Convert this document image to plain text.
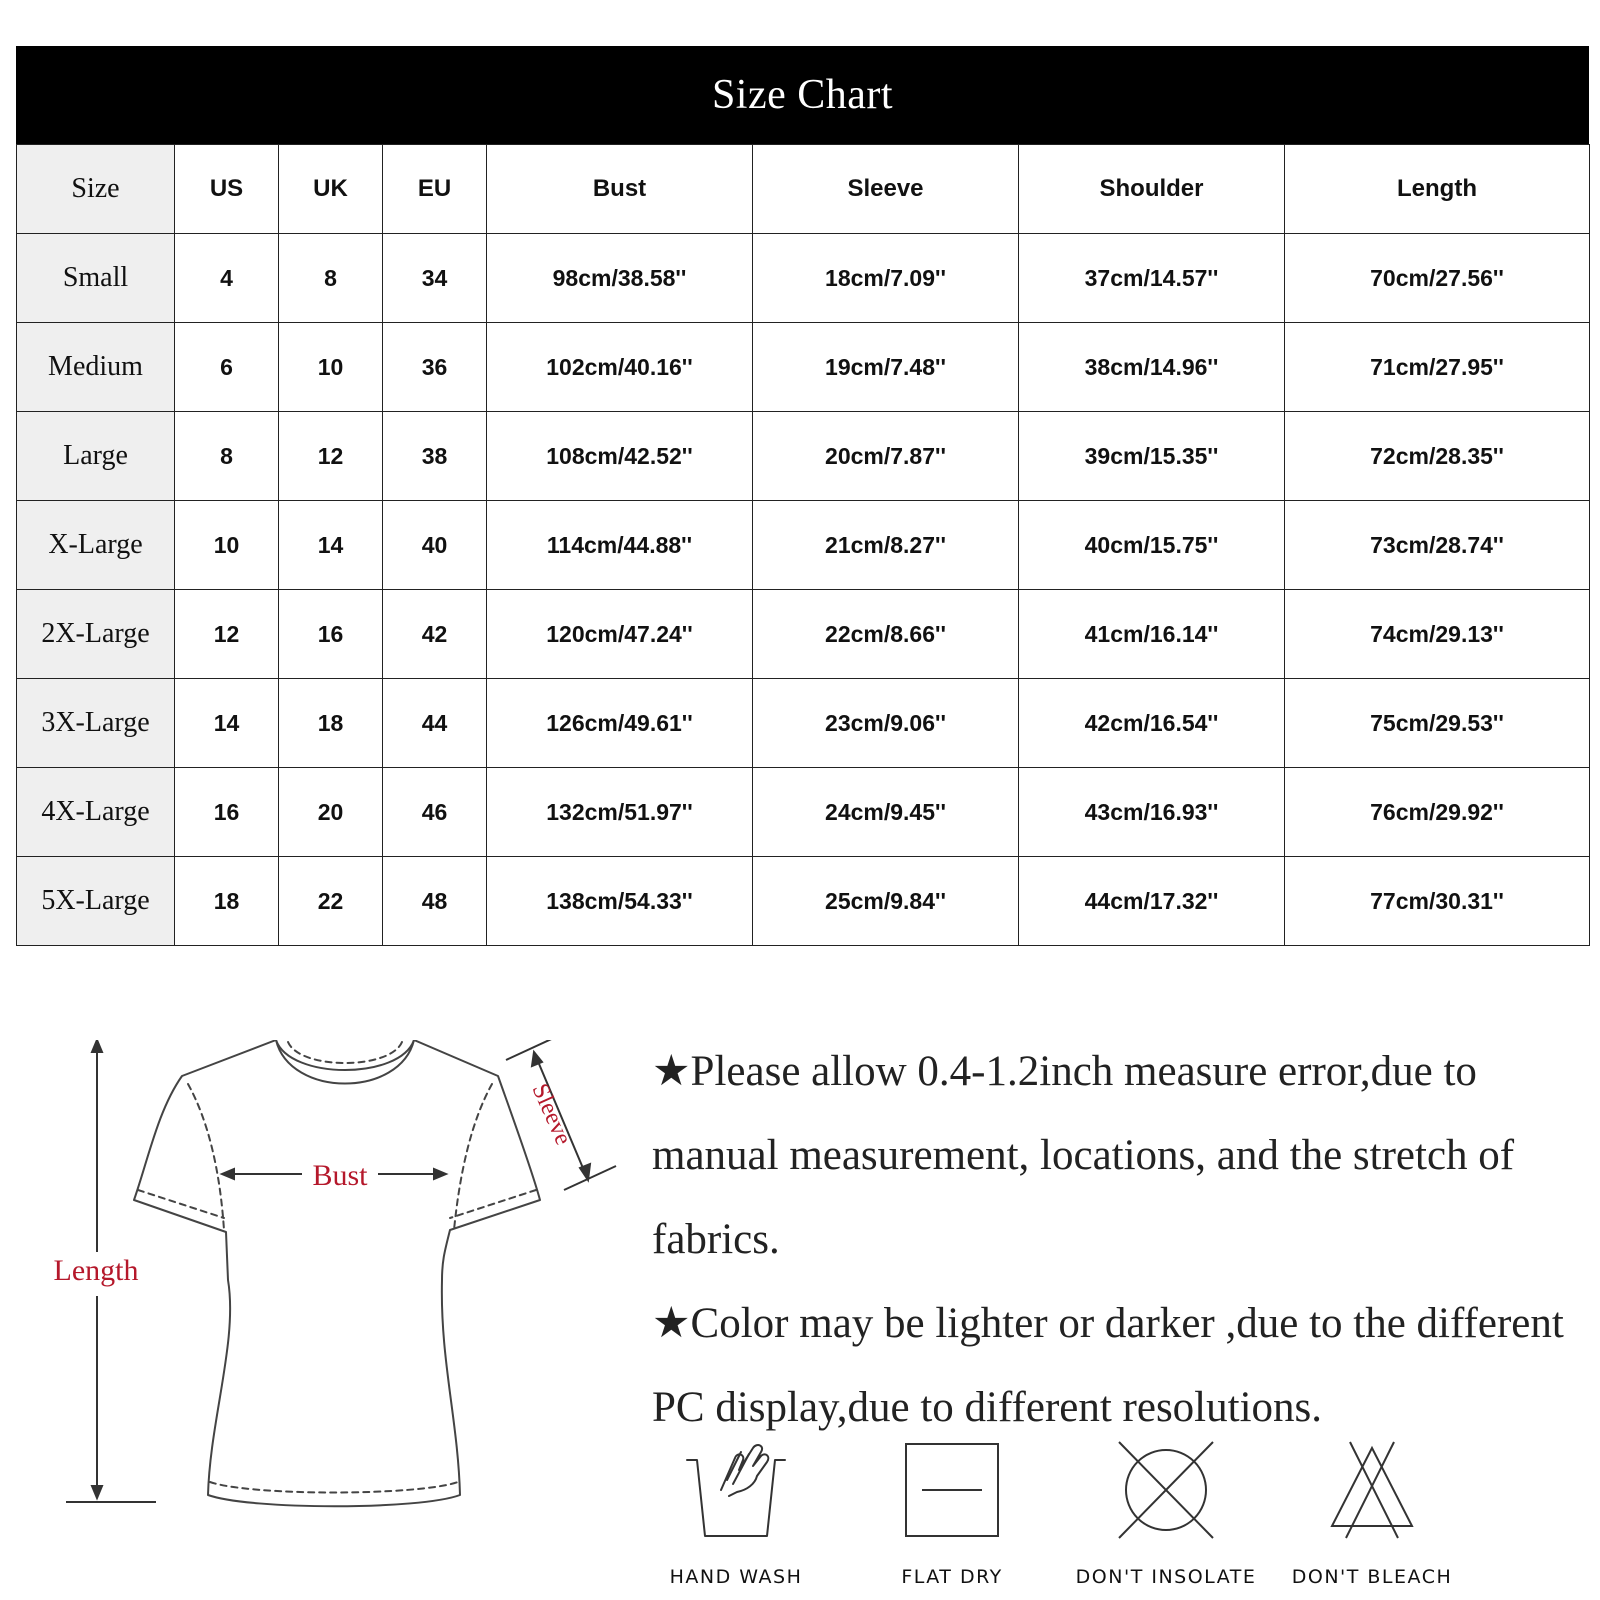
Size Chart
Size	US	UK	EU	Bust	Sleeve	Shoulder	Length
Small	4	8	34	98cm/38.58''	18cm/7.09''	37cm/14.57''	70cm/27.56''
Medium	6	10	36	102cm/40.16''	19cm/7.48''	38cm/14.96''	71cm/27.95''
Large	8	12	38	108cm/42.52''	20cm/7.87''	39cm/15.35''	72cm/28.35''
X-Large	10	14	40	114cm/44.88''	21cm/8.27''	40cm/15.75''	73cm/28.74''
2X-Large	12	16	42	120cm/47.24''	22cm/8.66''	41cm/16.14''	74cm/29.13''
3X-Large	14	18	44	126cm/49.61''	23cm/9.06''	42cm/16.54''	75cm/29.53''
4X-Large	16	20	46	132cm/51.97''	24cm/9.45''	43cm/16.93''	76cm/29.92''
5X-Large	18	22	48	138cm/54.33''	25cm/9.84''	44cm/17.32''	77cm/30.31''
Length
Bust
Sleeve

★Please allow 0.4-1.2inch measure error,due to manual measurement, locations, and the stretch of fabrics.

★Color may be lighter or darker ,due to the different PC display,due to different resolutions.

HAND WASH	FLAT DRY	DON'T INSOLATE	DON'T BLEACH
